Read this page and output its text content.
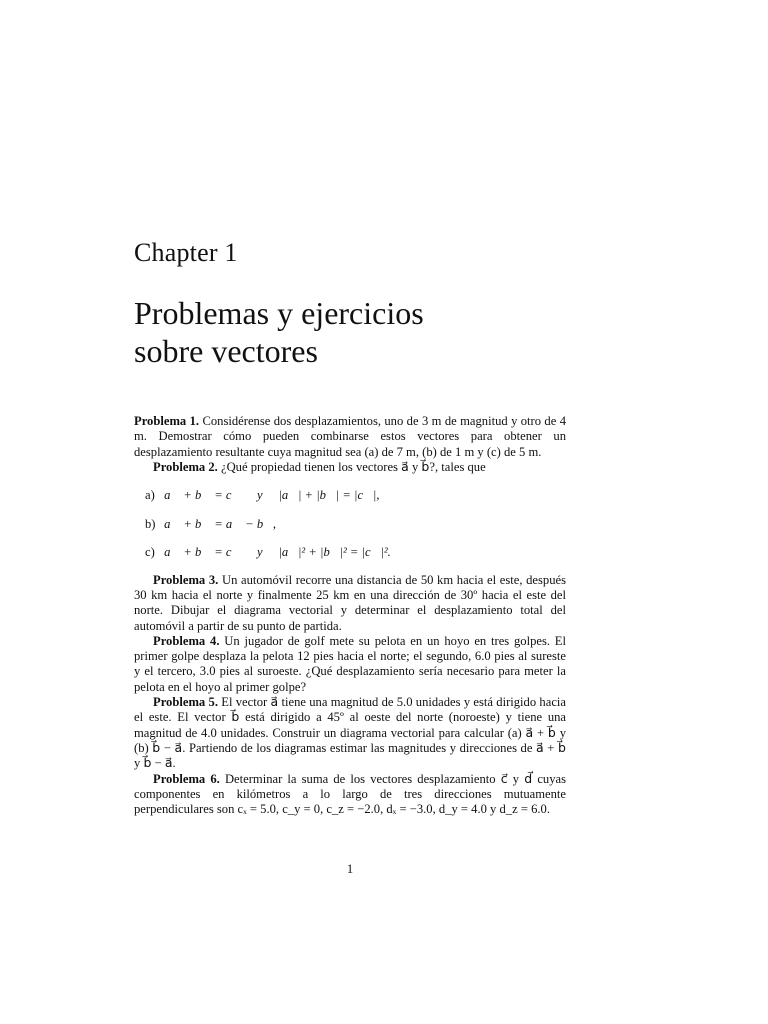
Chapter 1
Problemas y ejercicios
sobre vectores

Problema 1. Considérense dos desplazamientos, uno de 3 m de magnitud y otro de 4 m. Demostrar cómo pueden combinarse estos vectores para obtener un desplazamiento resultante cuya magnitud sea (a) de 7 m, (b) de 1 m y (c) de 5 m.

Problema 2. ¿Qué propiedad tienen los vectores a⃗ y b⃗?, tales que

a) a⃗ + b⃗ = c⃗     y     |a⃗| + |b⃗| = |c⃗|,
b) a⃗ + b⃗ = a⃗ − b⃗,
c) a⃗ + b⃗ = c⃗     y     |a⃗|² + |b⃗|² = |c⃗|².

Problema 3. Un automóvil recorre una distancia de 50 km hacia el este, después 30 km hacia el norte y finalmente 25 km en una dirección de 30º hacia el este del norte. Dibujar el diagrama vectorial y determinar el desplazamiento total del automóvil a partir de su punto de partida.

Problema 4. Un jugador de golf mete su pelota en un hoyo en tres golpes. El primer golpe desplaza la pelota 12 pies hacia el norte; el segundo, 6.0 pies al sureste y el tercero, 3.0 pies al suroeste. ¿Qué desplazamiento sería necesario para meter la pelota en el hoyo al primer golpe?

Problema 5. El vector a⃗ tiene una magnitud de 5.0 unidades y está dirigido hacia el este. El vector b⃗ está dirigido a 45º al oeste del norte (noroeste) y tiene una magnitud de 4.0 unidades. Construir un diagrama vectorial para calcular (a) a⃗ + b⃗ y (b) b⃗ − a⃗. Partiendo de los diagramas estimar las magnitudes y direcciones de a⃗ + b⃗ y b⃗ − a⃗.

Problema 6. Determinar la suma de los vectores desplazamiento c⃗ y d⃗ cuyas componentes en kilómetros a lo largo de tres direcciones mutuamente perpendiculares son cₓ = 5.0, c_y = 0, c_z = −2.0, dₓ = −3.0, d_y = 4.0 y d_z = 6.0.

1
